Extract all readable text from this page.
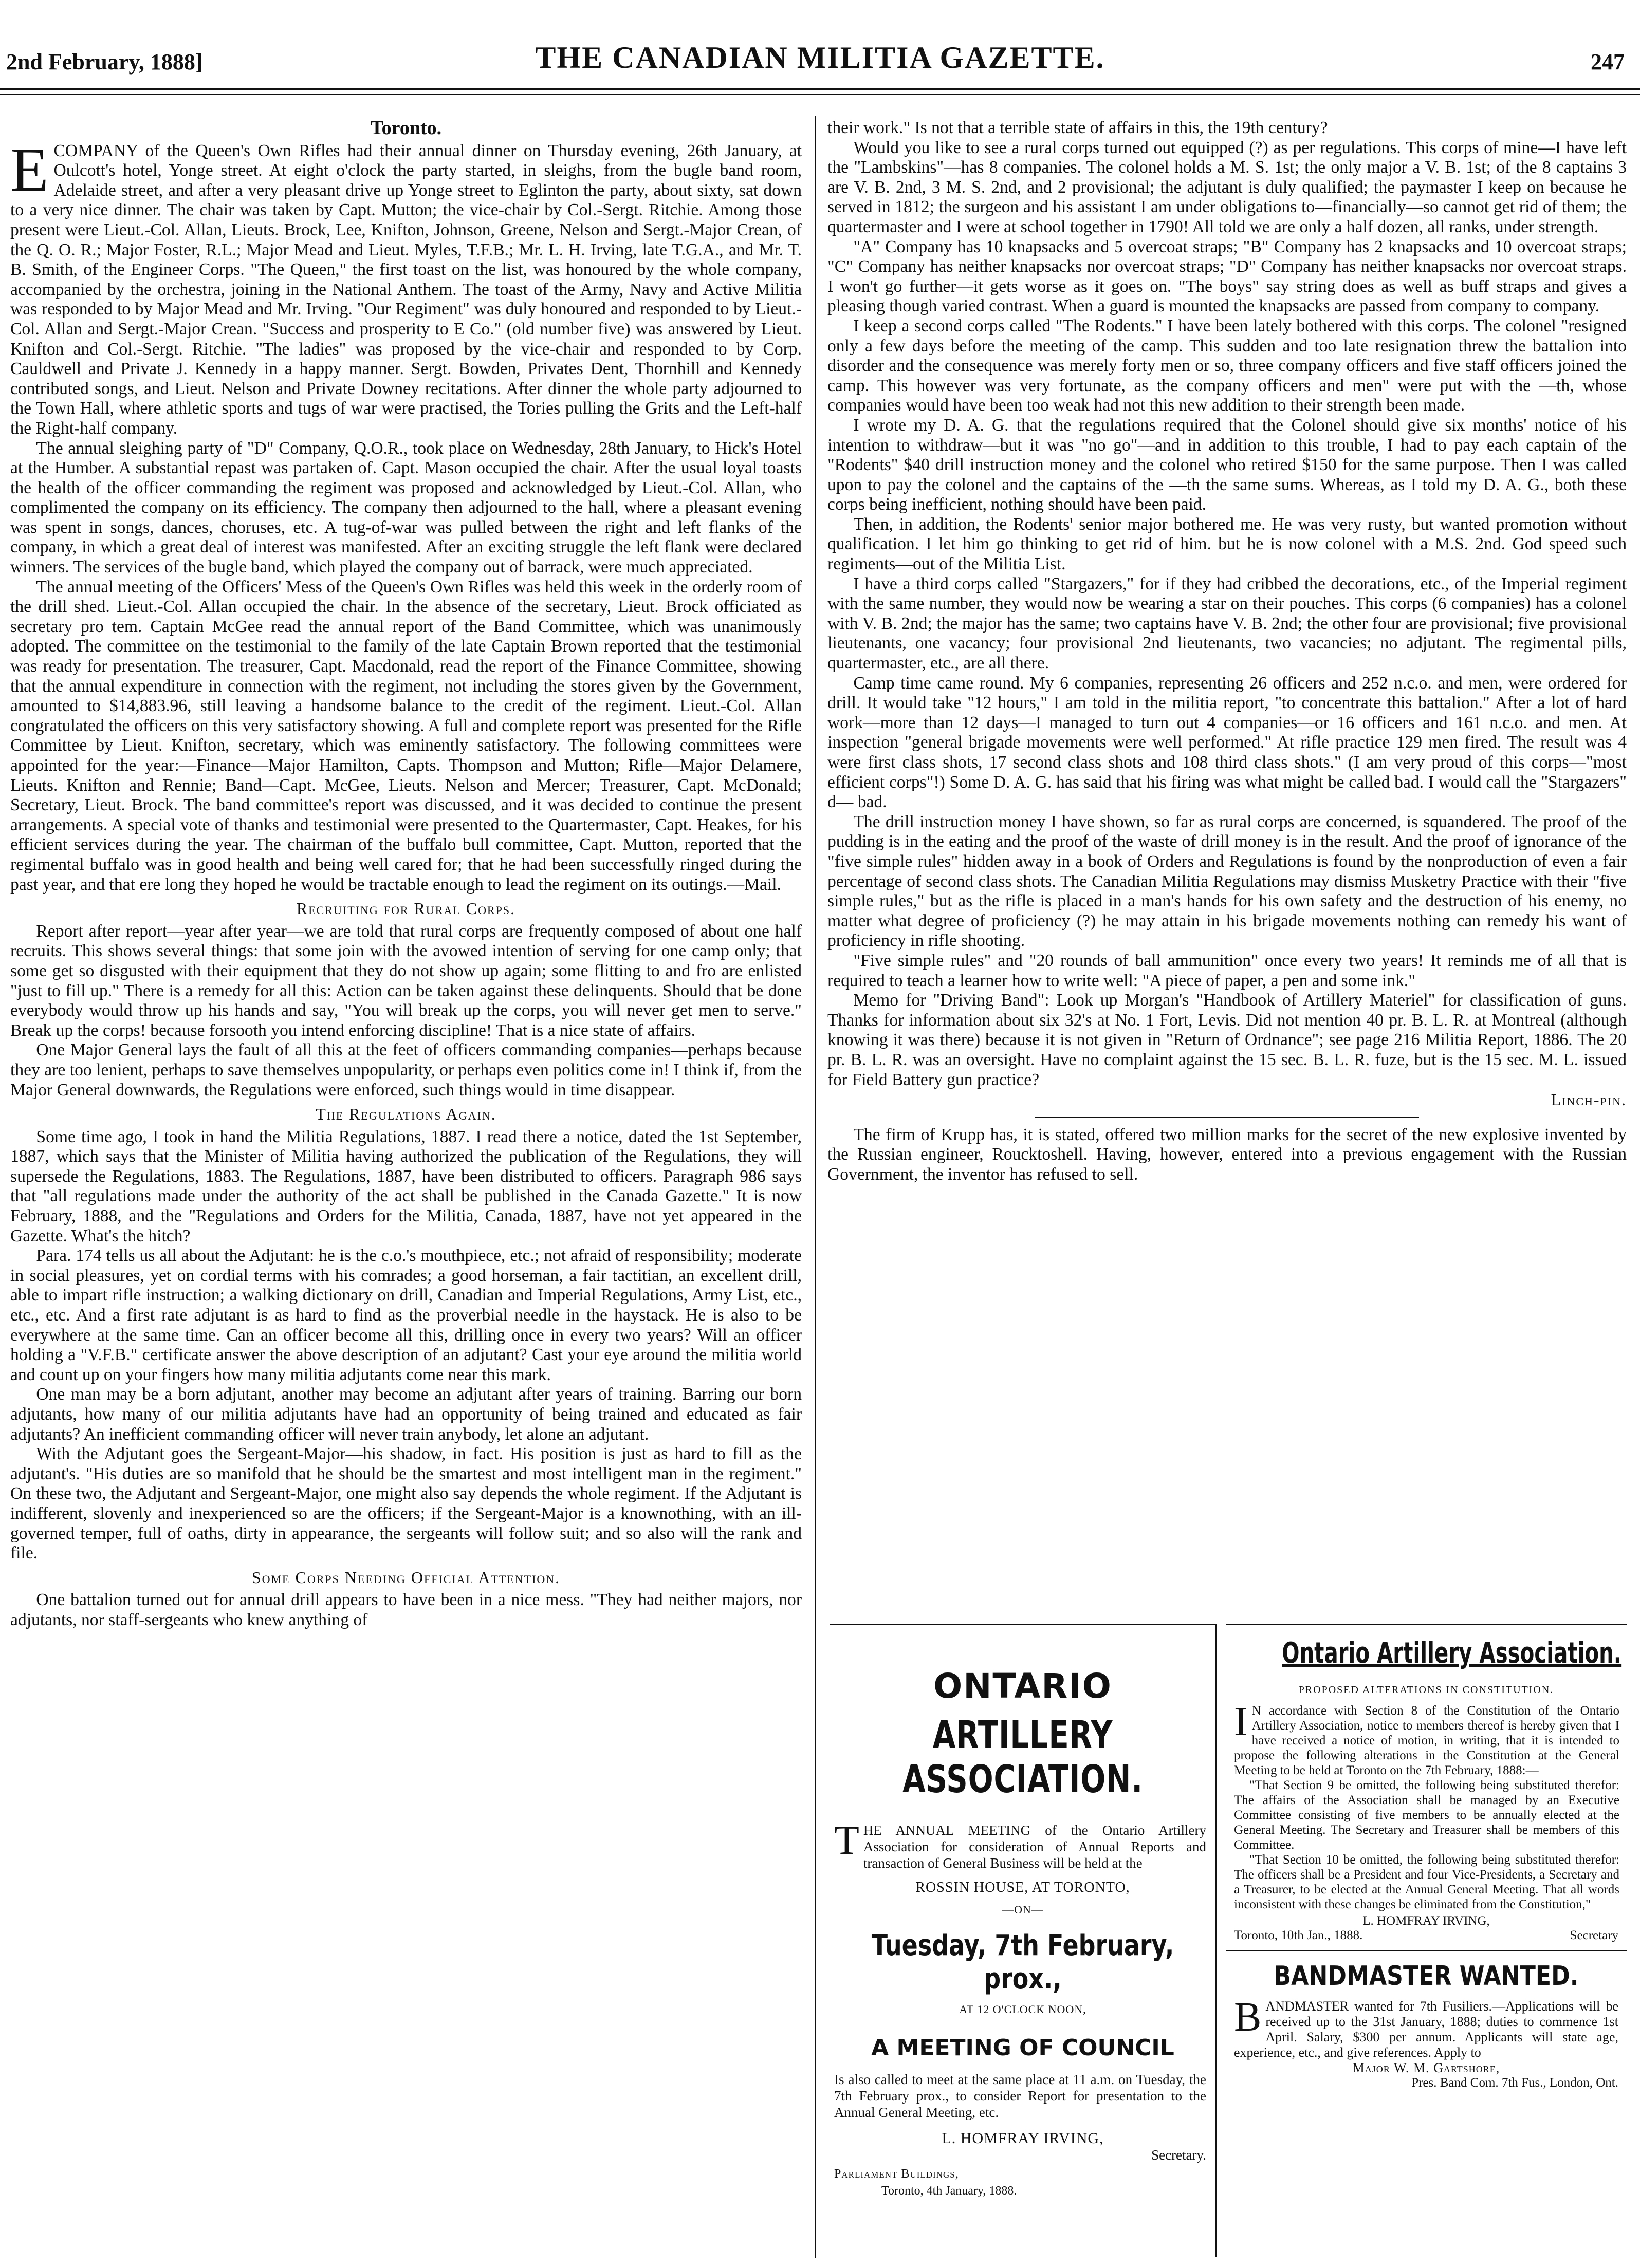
2nd February, 1888]	THE CANADIAN MILITIA GAZETTE.	247
Toronto.

ECOMPANY of the Queen's Own Rifles had their annual dinner on Thursday evening, 26th January, at Oulcott's hotel, Yonge street. At eight o'clock the party started, in sleighs, from the bugle band room, Adelaide street, and after a very pleasant drive up Yonge street to Eglinton the party, about sixty, sat down to a very nice dinner. The chair was taken by Capt. Mutton; the vice-chair by Col.-Sergt. Ritchie. Among those present were Lieut.-Col. Allan, Lieuts. Brock, Lee, Knifton, Johnson, Greene, Nelson and Sergt.-Major Crean, of the Q. O. R.; Major Foster, R.L.; Major Mead and Lieut. Myles, T.F.B.; Mr. L. H. Irving, late T.G.A., and Mr. T. B. Smith, of the Engineer Corps. "The Queen," the first toast on the list, was honoured by the whole company, accompanied by the orchestra, joining in the National Anthem. The toast of the Army, Navy and Active Militia was responded to by Major Mead and Mr. Irving. "Our Regiment" was duly honoured and responded to by Lieut.-Col. Allan and Sergt.-Major Crean. "Success and prosperity to E Co." (old number five) was answered by Lieut. Knifton and Col.-Sergt. Ritchie. "The ladies" was proposed by the vice-chair and responded to by Corp. Cauldwell and Private J. Kennedy in a happy manner. Sergt. Bowden, Privates Dent, Thornhill and Kennedy contributed songs, and Lieut. Nelson and Private Downey recitations. After dinner the whole party adjourned to the Town Hall, where athletic sports and tugs of war were practised, the Tories pulling the Grits and the Left-half the Right-half company.

The annual sleighing party of "D" Company, Q.O.R., took place on Wednesday, 28th January, to Hick's Hotel at the Humber. A substantial repast was partaken of. Capt. Mason occupied the chair. After the usual loyal toasts the health of the officer commanding the regiment was proposed and acknowledged by Lieut.-Col. Allan, who complimented the company on its efficiency. The company then adjourned to the hall, where a pleasant evening was spent in songs, dances, choruses, etc. A tug-of-war was pulled between the right and left flanks of the company, in which a great deal of interest was manifested. After an exciting struggle the left flank were declared winners. The services of the bugle band, which played the company out of barrack, were much appreciated.

The annual meeting of the Officers' Mess of the Queen's Own Rifles was held this week in the orderly room of the drill shed. Lieut.-Col. Allan occupied the chair. In the absence of the secretary, Lieut. Brock officiated as secretary pro tem. Captain McGee read the annual report of the Band Committee, which was unanimously adopted. The committee on the testimonial to the family of the late Captain Brown reported that the testimonial was ready for presentation. The treasurer, Capt. Macdonald, read the report of the Finance Committee, showing that the annual expenditure in connection with the regiment, not including the stores given by the Government, amounted to $14,883.96, still leaving a handsome balance to the credit of the regiment. Lieut.-Col. Allan congratulated the officers on this very satisfactory showing. A full and complete report was presented for the Rifle Committee by Lieut. Knifton, secretary, which was eminently satisfactory. The following committees were appointed for the year:—Finance—Major Hamilton, Capts. Thompson and Mutton; Rifle—Major Delamere, Lieuts. Knifton and Rennie; Band—Capt. McGee, Lieuts. Nelson and Mercer; Treasurer, Capt. McDonald; Secretary, Lieut. Brock. The band committee's report was discussed, and it was decided to continue the present arrangements. A special vote of thanks and testimonial were presented to the Quartermaster, Capt. Heakes, for his efficient services during the year. The chairman of the buffalo bull committee, Capt. Mutton, reported that the regimental buffalo was in good health and being well cared for; that he had been successfully ringed during the past year, and that ere long they hoped he would be tractable enough to lead the regiment on its outings.—Mail.

Recruiting for Rural Corps.

Report after report—year after year—we are told that rural corps are frequently composed of about one half recruits. This shows several things: that some join with the avowed intention of serving for one camp only; that some get so disgusted with their equipment that they do not show up again; some flitting to and fro are enlisted "just to fill up." There is a remedy for all this: Action can be taken against these delinquents. Should that be done everybody would throw up his hands and say, "You will break up the corps, you will never get men to serve." Break up the corps! because forsooth you intend enforcing discipline! That is a nice state of affairs.

One Major General lays the fault of all this at the feet of officers commanding companies—perhaps because they are too lenient, perhaps to save themselves unpopularity, or perhaps even politics come in! I think if, from the Major General downwards, the Regulations were enforced, such things would in time disappear.

The Regulations Again.

Some time ago, I took in hand the Militia Regulations, 1887. I read there a notice, dated the 1st September, 1887, which says that the Minister of Militia having authorized the publication of the Regulations, they will supersede the Regulations, 1883. The Regulations, 1887, have been distributed to officers. Paragraph 986 says that "all regulations made under the authority of the act shall be published in the Canada Gazette." It is now February, 1888, and the "Regulations and Orders for the Militia, Canada, 1887, have not yet appeared in the Gazette. What's the hitch?

Para. 174 tells us all about the Adjutant: he is the c.o.'s mouthpiece, etc.; not afraid of responsibility; moderate in social pleasures, yet on cordial terms with his comrades; a good horseman, a fair tactitian, an excellent drill, able to impart rifle instruction; a walking dictionary on drill, Canadian and Imperial Regulations, Army List, etc., etc., etc. And a first rate adjutant is as hard to find as the proverbial needle in the haystack. He is also to be everywhere at the same time. Can an officer become all this, drilling once in every two years? Will an officer holding a "V.F.B." certificate answer the above description of an adjutant? Cast your eye around the militia world and count up on your fingers how many militia adjutants come near this mark.

One man may be a born adjutant, another may become an adjutant after years of training. Barring our born adjutants, how many of our militia adjutants have had an opportunity of being trained and educated as fair adjutants? An inefficient commanding officer will never train anybody, let alone an adjutant.

With the Adjutant goes the Sergeant-Major—his shadow, in fact. His position is just as hard to fill as the adjutant's. "His duties are so manifold that he should be the smartest and most intelligent man in the regiment." On these two, the Adjutant and Sergeant-Major, one might also say depends the whole regiment. If the Adjutant is indifferent, slovenly and inexperienced so are the officers; if the Sergeant-Major is a knownothing, with an ill-governed temper, full of oaths, dirty in appearance, the sergeants will follow suit; and so also will the rank and file.

Some Corps Needing Official Attention.

One battalion turned out for annual drill appears to have been in a nice mess. "They had neither majors, nor adjutants, nor staff-sergeants who knew anything of

their work." Is not that a terrible state of affairs in this, the 19th century?

Would you like to see a rural corps turned out equipped (?) as per regulations. This corps of mine—I have left the "Lambskins"—has 8 companies. The colonel holds a M. S. 1st; the only major a V. B. 1st; of the 8 captains 3 are V. B. 2nd, 3 M. S. 2nd, and 2 provisional; the adjutant is duly qualified; the paymaster I keep on because he served in 1812; the surgeon and his assistant I am under obligations to—financially—so cannot get rid of them; the quartermaster and I were at school together in 1790! All told we are only a half dozen, all ranks, under strength.

"A" Company has 10 knapsacks and 5 overcoat straps; "B" Company has 2 knapsacks and 10 overcoat straps; "C" Company has neither knapsacks nor overcoat straps; "D" Company has neither knapsacks nor overcoat straps. I won't go further—it gets worse as it goes on. "The boys" say string does as well as buff straps and gives a pleasing though varied contrast. When a guard is mounted the knapsacks are passed from company to company.

I keep a second corps called "The Rodents." I have been lately bothered with this corps. The colonel "resigned only a few days before the meeting of the camp. This sudden and too late resignation threw the battalion into disorder and the consequence was merely forty men or so, three company officers and five staff officers joined the camp. This however was very fortunate, as the company officers and men" were put with the —th, whose companies would have been too weak had not this new addition to their strength been made.

I wrote my D. A. G. that the regulations required that the Colonel should give six months' notice of his intention to withdraw—but it was "no go"—and in addition to this trouble, I had to pay each captain of the "Rodents" $40 drill instruction money and the colonel who retired $150 for the same purpose. Then I was called upon to pay the colonel and the captains of the —th the same sums. Whereas, as I told my D. A. G., both these corps being inefficient, nothing should have been paid.

Then, in addition, the Rodents' senior major bothered me. He was very rusty, but wanted promotion without qualification. I let him go thinking to get rid of him. but he is now colonel with a M.S. 2nd. God speed such regiments—out of the Militia List.

I have a third corps called "Stargazers," for if they had cribbed the decorations, etc., of the Imperial regiment with the same number, they would now be wearing a star on their pouches. This corps (6 companies) has a colonel with V. B. 2nd; the major has the same; two captains have V. B. 2nd; the other four are provisional; five provisional lieutenants, one vacancy; four provisional 2nd lieutenants, two vacancies; no adjutant. The regimental pills, quartermaster, etc., are all there.

Camp time came round. My 6 companies, representing 26 officers and 252 n.c.o. and men, were ordered for drill. It would take "12 hours," I am told in the militia report, "to concentrate this battalion." After a lot of hard work—more than 12 days—I managed to turn out 4 companies—or 16 officers and 161 n.c.o. and men. At inspection "general brigade movements were well performed." At rifle practice 129 men fired. The result was 4 were first class shots, 17 second class shots and 108 third class shots." (I am very proud of this corps—"most efficient corps"!) Some D. A. G. has said that his firing was what might be called bad. I would call the "Stargazers" d— bad.

The drill instruction money I have shown, so far as rural corps are concerned, is squandered. The proof of the pudding is in the eating and the proof of the waste of drill money is in the result. And the proof of ignorance of the "five simple rules" hidden away in a book of Orders and Regulations is found by the nonproduction of even a fair percentage of second class shots. The Canadian Militia Regulations may dismiss Musketry Practice with their "five simple rules," but as the rifle is placed in a man's hands for his own safety and the destruction of his enemy, no matter what degree of proficiency (?) he may attain in his brigade movements nothing can remedy his want of proficiency in rifle shooting.

"Five simple rules" and "20 rounds of ball ammunition" once every two years! It reminds me of all that is required to teach a learner how to write well: "A piece of paper, a pen and some ink."

Memo for "Driving Band": Look up Morgan's "Handbook of Artillery Materiel" for classification of guns. Thanks for information about six 32's at No. 1 Fort, Levis. Did not mention 40 pr. B. L. R. at Montreal (although knowing it was there) because it is not given in "Return of Ordnance"; see page 216 Militia Report, 1886. The 20 pr. B. L. R. was an oversight. Have no complaint against the 15 sec. B. L. R. fuze, but is the 15 sec. M. L. issued for Field Battery gun practice?

Linch-pin.

The firm of Krupp has, it is stated, offered two million marks for the secret of the new explosive invented by the Russian engineer, Roucktoshell. Having, however, entered into a previous engagement with the Russian Government, the inventor has refused to sell.

ONTARIO
ARTILLERY ASSOCIATION.
THE ANNUAL MEETING of the Ontario Artillery Association for consideration of Annual Reports and transaction of General Business will be held at the
ROSSIN HOUSE, AT TORONTO,
—ON—
Tuesday, 7th February, prox.,
AT 12 O'CLOCK NOON,
A MEETING OF COUNCIL
Is also called to meet at the same place at 11 a.m. on Tuesday, the 7th February prox., to consider Report for presentation to the Annual General Meeting, etc.
L. HOMFRAY IRVING,
Secretary.
Parliament Buildings,
Toronto, 4th January, 1888.
Ontario Artillery Association.
PROPOSED ALTERATIONS IN CONSTITUTION.

I N accordance with Section 8 of the Constitution of the Ontario Artillery Association, notice to members thereof is hereby given that I have received a notice of motion, in writing, that it is intended to propose the following alterations in the Constitution at the General Meeting to be held at Toronto on the 7th February, 1888:—

"That Section 9 be omitted, the following being substituted therefor: The affairs of the Association shall be managed by an Executive Committee consisting of five members to be annually elected at the General Meeting. The Secretary and Treasurer shall be members of this Committee.

"That Section 10 be omitted, the following being substituted therefor: The officers shall be a President and four Vice-Presidents, a Secretary and a Treasurer, to be elected at the Annual General Meeting. That all words inconsistent with these changes be eliminated from the Constitution,"

L. HOMFRAY IRVING,
Toronto, 10th Jan., 1888.	Secretary
BANDMASTER WANTED.
BANDMASTER wanted for 7th Fusiliers.—Applications will be received up to the 31st January, 1888; duties to commence 1st April. Salary, $300 per annum. Applicants will state age, experience, etc., and give references. Apply to
Major W. M. Gartshore,
Pres. Band Com. 7th Fus., London, Ont.
